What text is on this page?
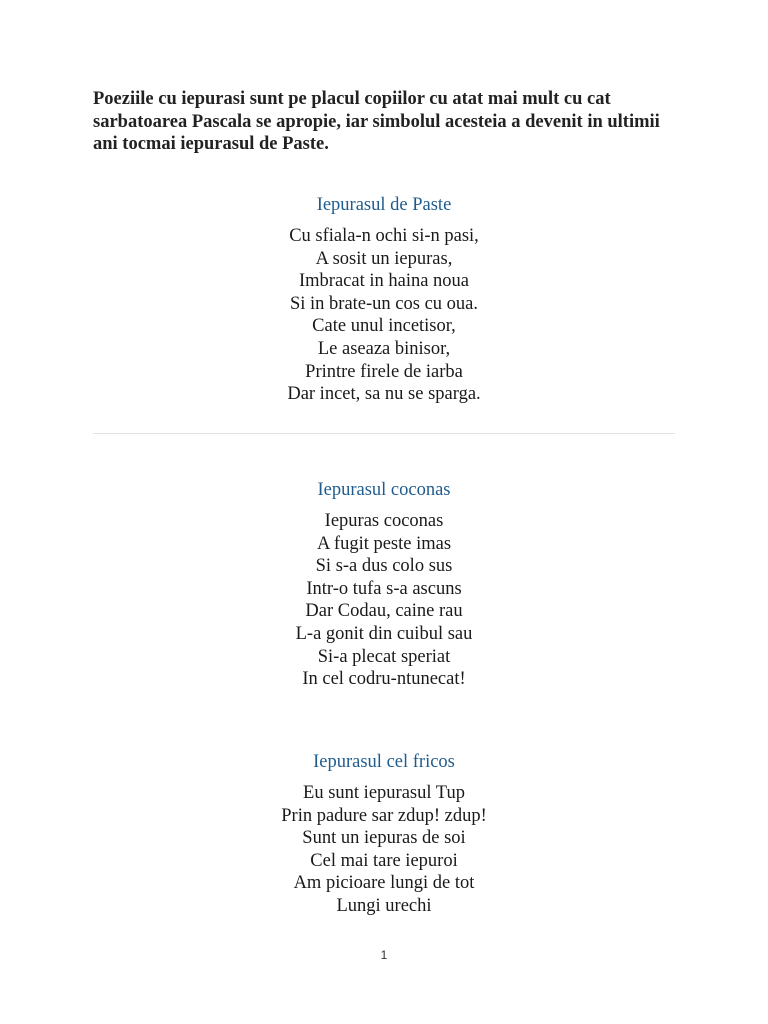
Poeziile cu iepurasi sunt pe placul copiilor cu atat mai mult cu cat sarbatoarea Pascala se apropie, iar simbolul acesteia a devenit in ultimii ani tocmai iepurasul de Paste.

Iepurasul de Paste
Cu sfiala-n ochi si-n pasi,
A sosit un iepuras,
Imbracat in haina noua
Si in brate-un cos cu oua.
Cate unul incetisor,
Le aseaza binisor,
Printre firele de iarba
Dar incet, sa nu se sparga.
Iepurasul coconas
Iepuras coconas
A fugit peste imas
Si s-a dus colo sus
Intr-o tufa s-a ascuns
Dar Codau, caine rau
L-a gonit din cuibul sau
Si-a plecat speriat
In cel codru-ntunecat!
Iepurasul cel fricos
Eu sunt iepurasul Tup
Prin padure sar zdup! zdup!
Sunt un iepuras de soi
Cel mai tare iepuroi
Am picioare lungi de tot
Lungi urechi
1
